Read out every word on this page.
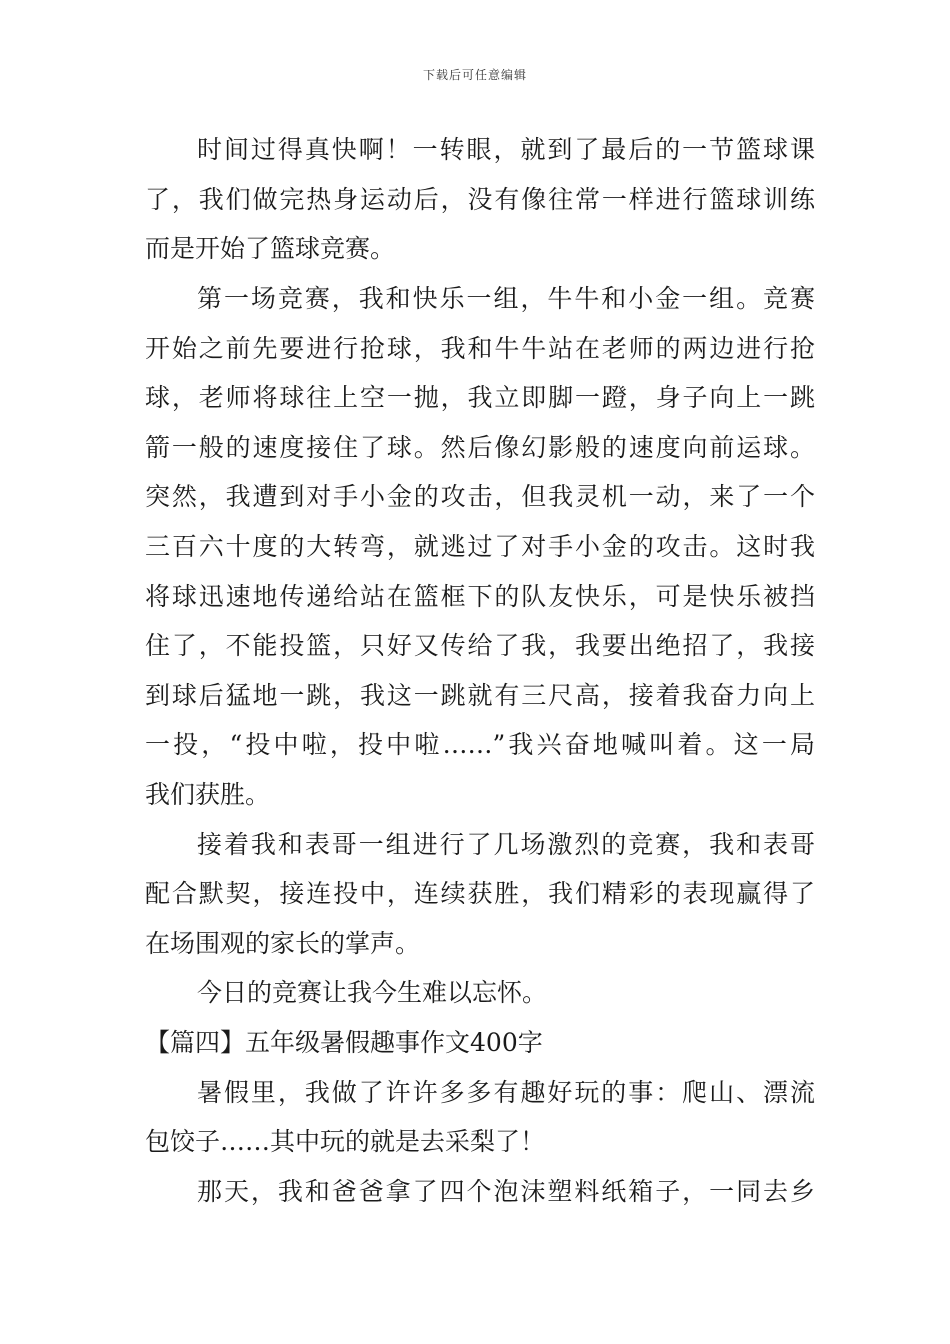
下载后可任意编辑
时间过得真快啊！一转眼，就到了最后的一节篮球课
了，我们做完热身运动后，没有像往常一样进行篮球训练
而是开始了篮球竞赛。
第一场竞赛，我和快乐一组，牛牛和小金一组。竞赛
开始之前先要进行抢球，我和牛牛站在老师的两边进行抢
球，老师将球往上空一抛，我立即脚一蹬，身子向上一跳
箭一般的速度接住了球。然后像幻影般的速度向前运球。
突然，我遭到对手小金的攻击，但我灵机一动，来了一个
三百六十度的大转弯，就逃过了对手小金的攻击。这时我
将球迅速地传递给站在篮框下的队友快乐，可是快乐被挡
住了，不能投篮，只好又传给了我，我要出绝招了，我接
到球后猛地一跳，我这一跳就有三尺高，接着我奋力向上
一投，“投中啦，投中啦……”我兴奋地喊叫着。这一局
我们获胜。
接着我和表哥一组进行了几场激烈的竞赛，我和表哥
配合默契，接连投中，连续获胜，我们精彩的表现赢得了
在场围观的家长的掌声。
今日的竞赛让我今生难以忘怀。
【篇四】五年级暑假趣事作文400字
暑假里，我做了许许多多有趣好玩的事：爬山、漂流
包饺子……其中玩的就是去采梨了！
那天，我和爸爸拿了四个泡沫塑料纸箱子，一同去乡
